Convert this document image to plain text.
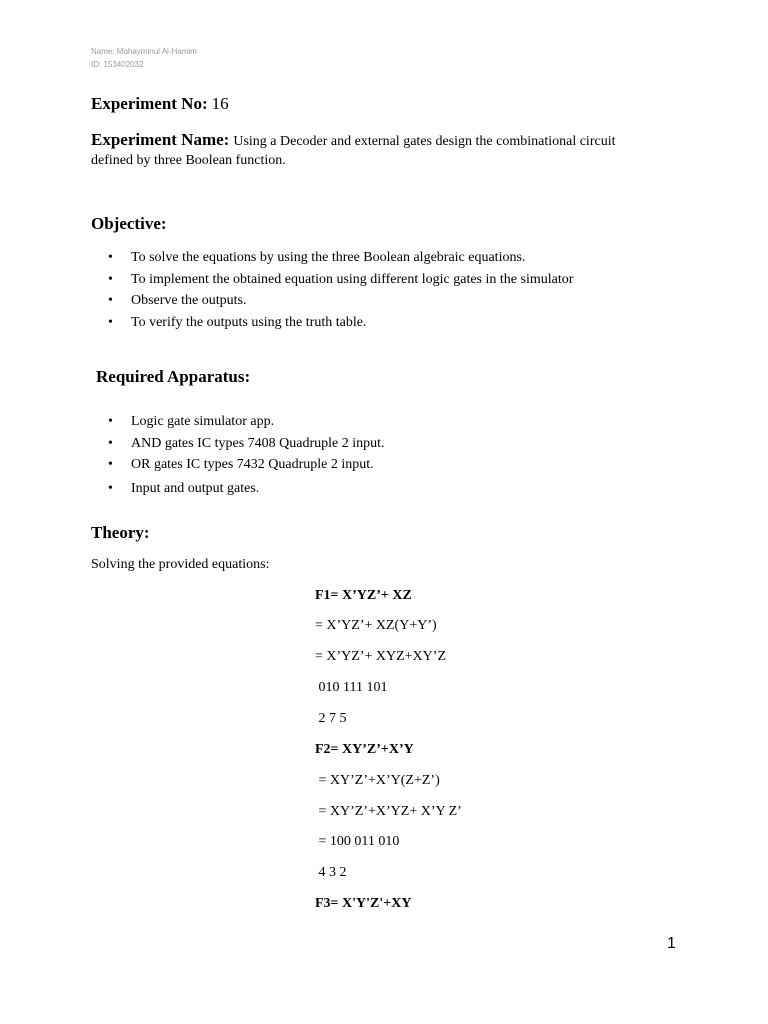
Name: Mohayminul Al-Hamim
ID: 153402032
Experiment No: 16
Experiment Name: Using a Decoder and external gates design the combinational circuit
defined by three Boolean function.
Objective:
• To solve the equations by using the three Boolean algebraic equations.
• To implement the obtained equation using different logic gates in the simulator
• Observe the outputs.
• To verify the outputs using the truth table.
Required Apparatus:
• Logic gate simulator app.
• AND gates IC types 7408 Quadruple 2 input.
• OR gates IC types 7432 Quadruple 2 input.
• Input and output gates.
Theory:
Solving the provided equations:
F1= X’YZ’+ XZ
= X’YZ’+ XZ(Y+Y’)
= X’YZ’+ XYZ+XY’Z
010 111 101
2 7 5
F2= XY’Z’+X’Y
= XY’Z’+X’Y(Z+Z’)
= XY’Z’+X’YZ+ X’Y Z’
= 100 011 010
4 3 2
F3= X'Y'Z'+XY
1
